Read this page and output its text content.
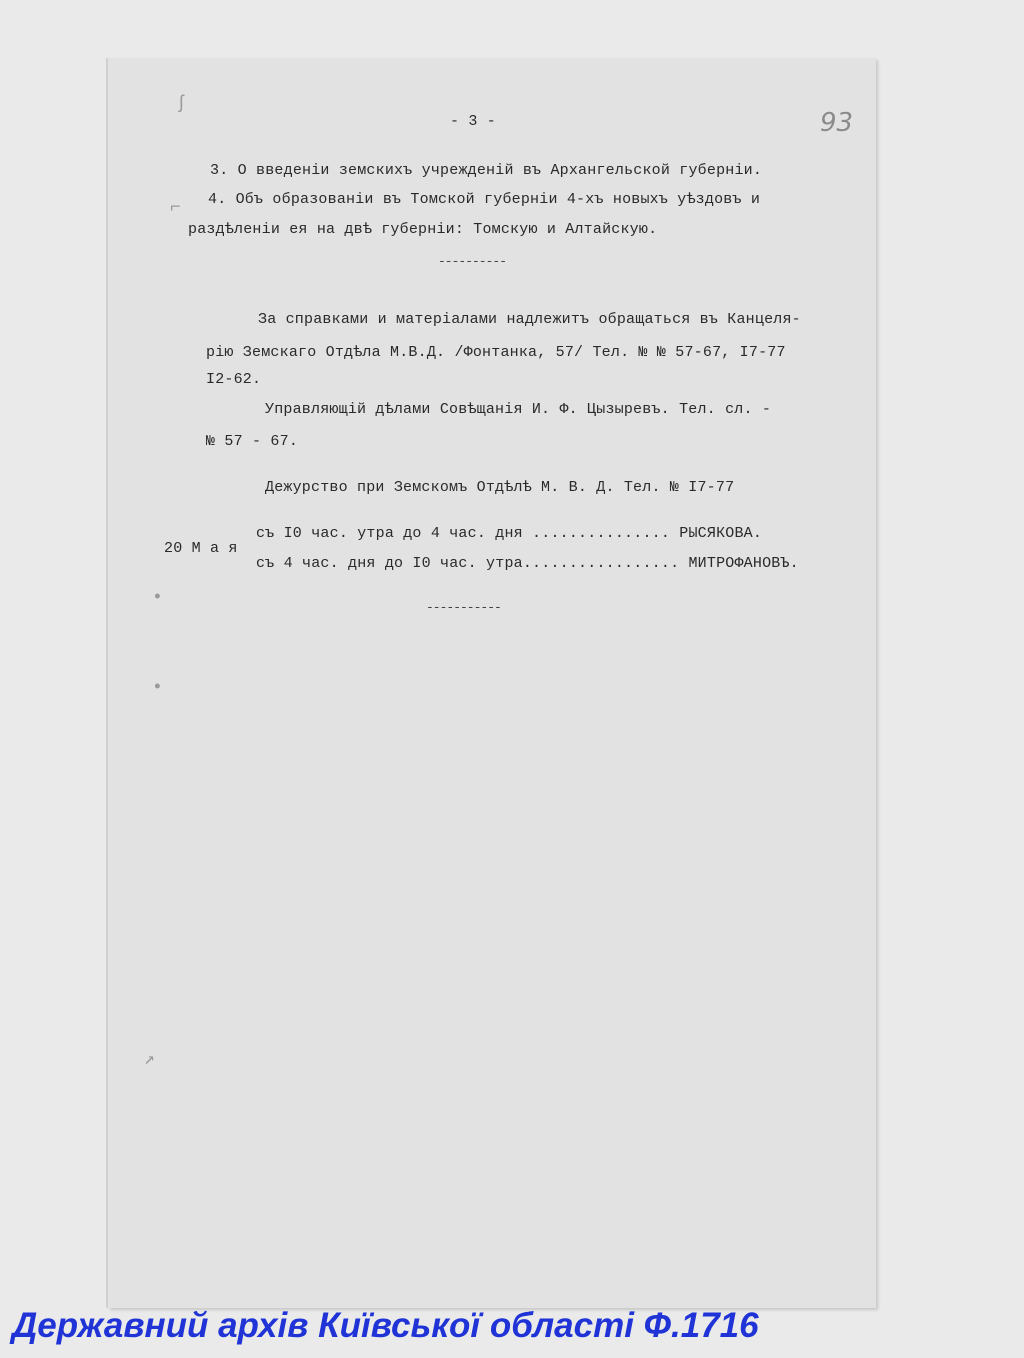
93
ʃ
⌐
•
•
↗
- 3 -
3. О введеніи земскихъ учрежденій въ Архангельской губерніи.
4. Объ образованіи въ Томской губерніи 4-хъ новыхъ уѣздовъ и
раздѣленіи ея на двѣ губерніи: Томскую и Алтайскую.
----------
За справками и матеріалами надлежитъ обращаться въ Канцеля-
рію Земскаго Отдѣла М.В.Д. /Фонтанка, 57/ Тел. № № 57-67, I7-77
I2-62.
Управляющій дѣлами Совѣщанія И. Ф. Цызыревъ. Тел. сл. -
№ 57 - 67.
Дежурство при Земскомъ Отдѣлѣ М. В. Д. Тел. № I7-77
20 М а я
съ I0 час. утра до 4 час. дня ............... РЫСЯКОВА.
съ 4 час. дня до I0 час. утра................. МИТРОФАНОВЪ.
-----------
Державний архів Київської області Ф.1716
